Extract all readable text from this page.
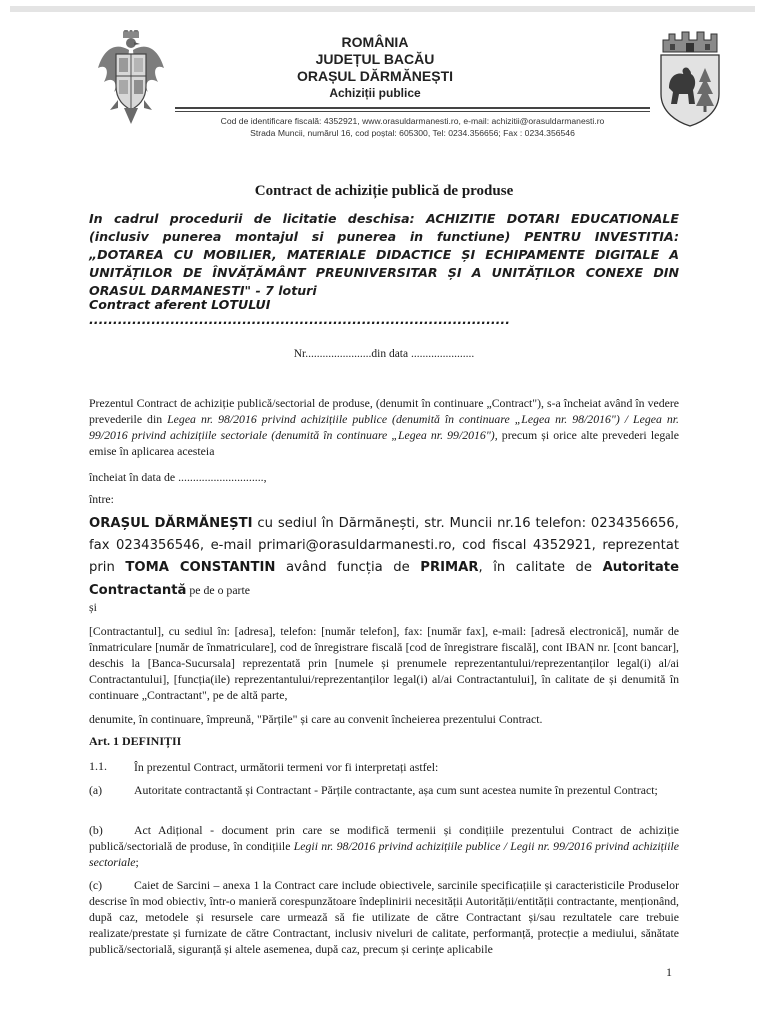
ROMÂNIA
JUDEȚUL BACĂU
ORAȘUL DĂRMĂNEȘTI
Achiziții publice
Cod de identificare fiscală: 4352921, www.orasuldarmanesti.ro, e-mail: achizitii@orasuldarmanesti.ro
Strada Muncii, numărul 16, cod poștal: 605300, Tel: 0234.356656; Fax : 0234.356546
Contract de achiziție publică de produse
In cadrul procedurii de licitatie deschisa: ACHIZITIE DOTARI EDUCATIONALE (inclusiv punerea montajul si punerea in functiune) PENTRU INVESTITIA: „DOTAREA CU MOBILIER, MATERIALE DIDACTICE ȘI ECHIPAMENTE DIGITALE A UNITĂȚILOR DE ÎNVĂȚĂMÂNT PREUNIVERSITAR ȘI A UNITĂȚILOR CONEXE DIN ORASUL DARMANESTI" - 7 loturi
Contract aferent LOTULUI ........................................................................................
Nr.......................din data ......................
Prezentul Contract de achiziție publică/sectorial de produse, (denumit în continuare „Contract"), s-a încheiat având în vedere prevederile din Legea nr. 98/2016 privind achizițiile publice (denumită în continuare „Legea nr. 98/2016") / Legea nr. 99/2016 privind achizițiile sectoriale (denumită în continuare „Legea nr. 99/2016"), precum și orice alte prevederi legale emise în aplicarea acesteia
încheiat în data de .............................,
între:
ORAȘUL DĂRMĂNEȘTI cu sediul în Dărmănești, str. Muncii nr.16 telefon: 0234356656, fax 0234356546, e-mail primari@orasuldarmanesti.ro, cod fiscal 4352921, reprezentat prin TOMA CONSTANTIN având funcția de PRIMAR, în calitate de Autoritate Contractantă pe de o parte
și
[Contractantul], cu sediul în: [adresa], telefon: [număr telefon], fax: [număr fax], e-mail: [adresă electronică], număr de înmatriculare [număr de înmatriculare], cod de înregistrare fiscală [cod de înregistrare fiscală], cont IBAN nr. [cont bancar], deschis la [Banca-Sucursala] reprezentată prin [numele și prenumele reprezentantului/reprezentanților legal(i) al/ai Contractantului], [funcția(ile) reprezentantului/reprezentanților legal(i) al/ai Contractantului], în calitate de și denumită în continuare „Contractant", pe de altă parte,
denumite, în continuare, împreună, "Părțile" și care au convenit încheierea prezentului Contract.
Art. 1 DEFINIȚII
1.1. În prezentul Contract, următorii termeni vor fi interpretați astfel:
(a)	Autoritate contractantă și Contractant - Părțile contractante, așa cum sunt acestea numite în prezentul Contract;
(b)	Act Adițional - document prin care se modifică termenii și condițiile prezentului Contract de achiziție publică/sectorială de produse, în condițiile Legii nr. 98/2016 privind achizițiile publice / Legii nr. 99/2016 privind achizițiile sectoriale;
(c)	Caiet de Sarcini – anexa 1 la Contract care include obiectivele, sarcinile specificațiile și caracteristicile Produselor descrise în mod obiectiv, într-o manieră corespunzătoare îndeplinirii necesității Autorității/entității contractante, menționând, după caz, metodele și resursele care urmează să fie utilizate de către Contractant și/sau rezultatele care trebuie realizate/prestate și furnizate de către Contractant, inclusiv niveluri de calitate, performanță, protecție a mediului, sănătate publică/sectorială, siguranță și altele asemenea, după caz, precum și cerințe aplicabile
1
